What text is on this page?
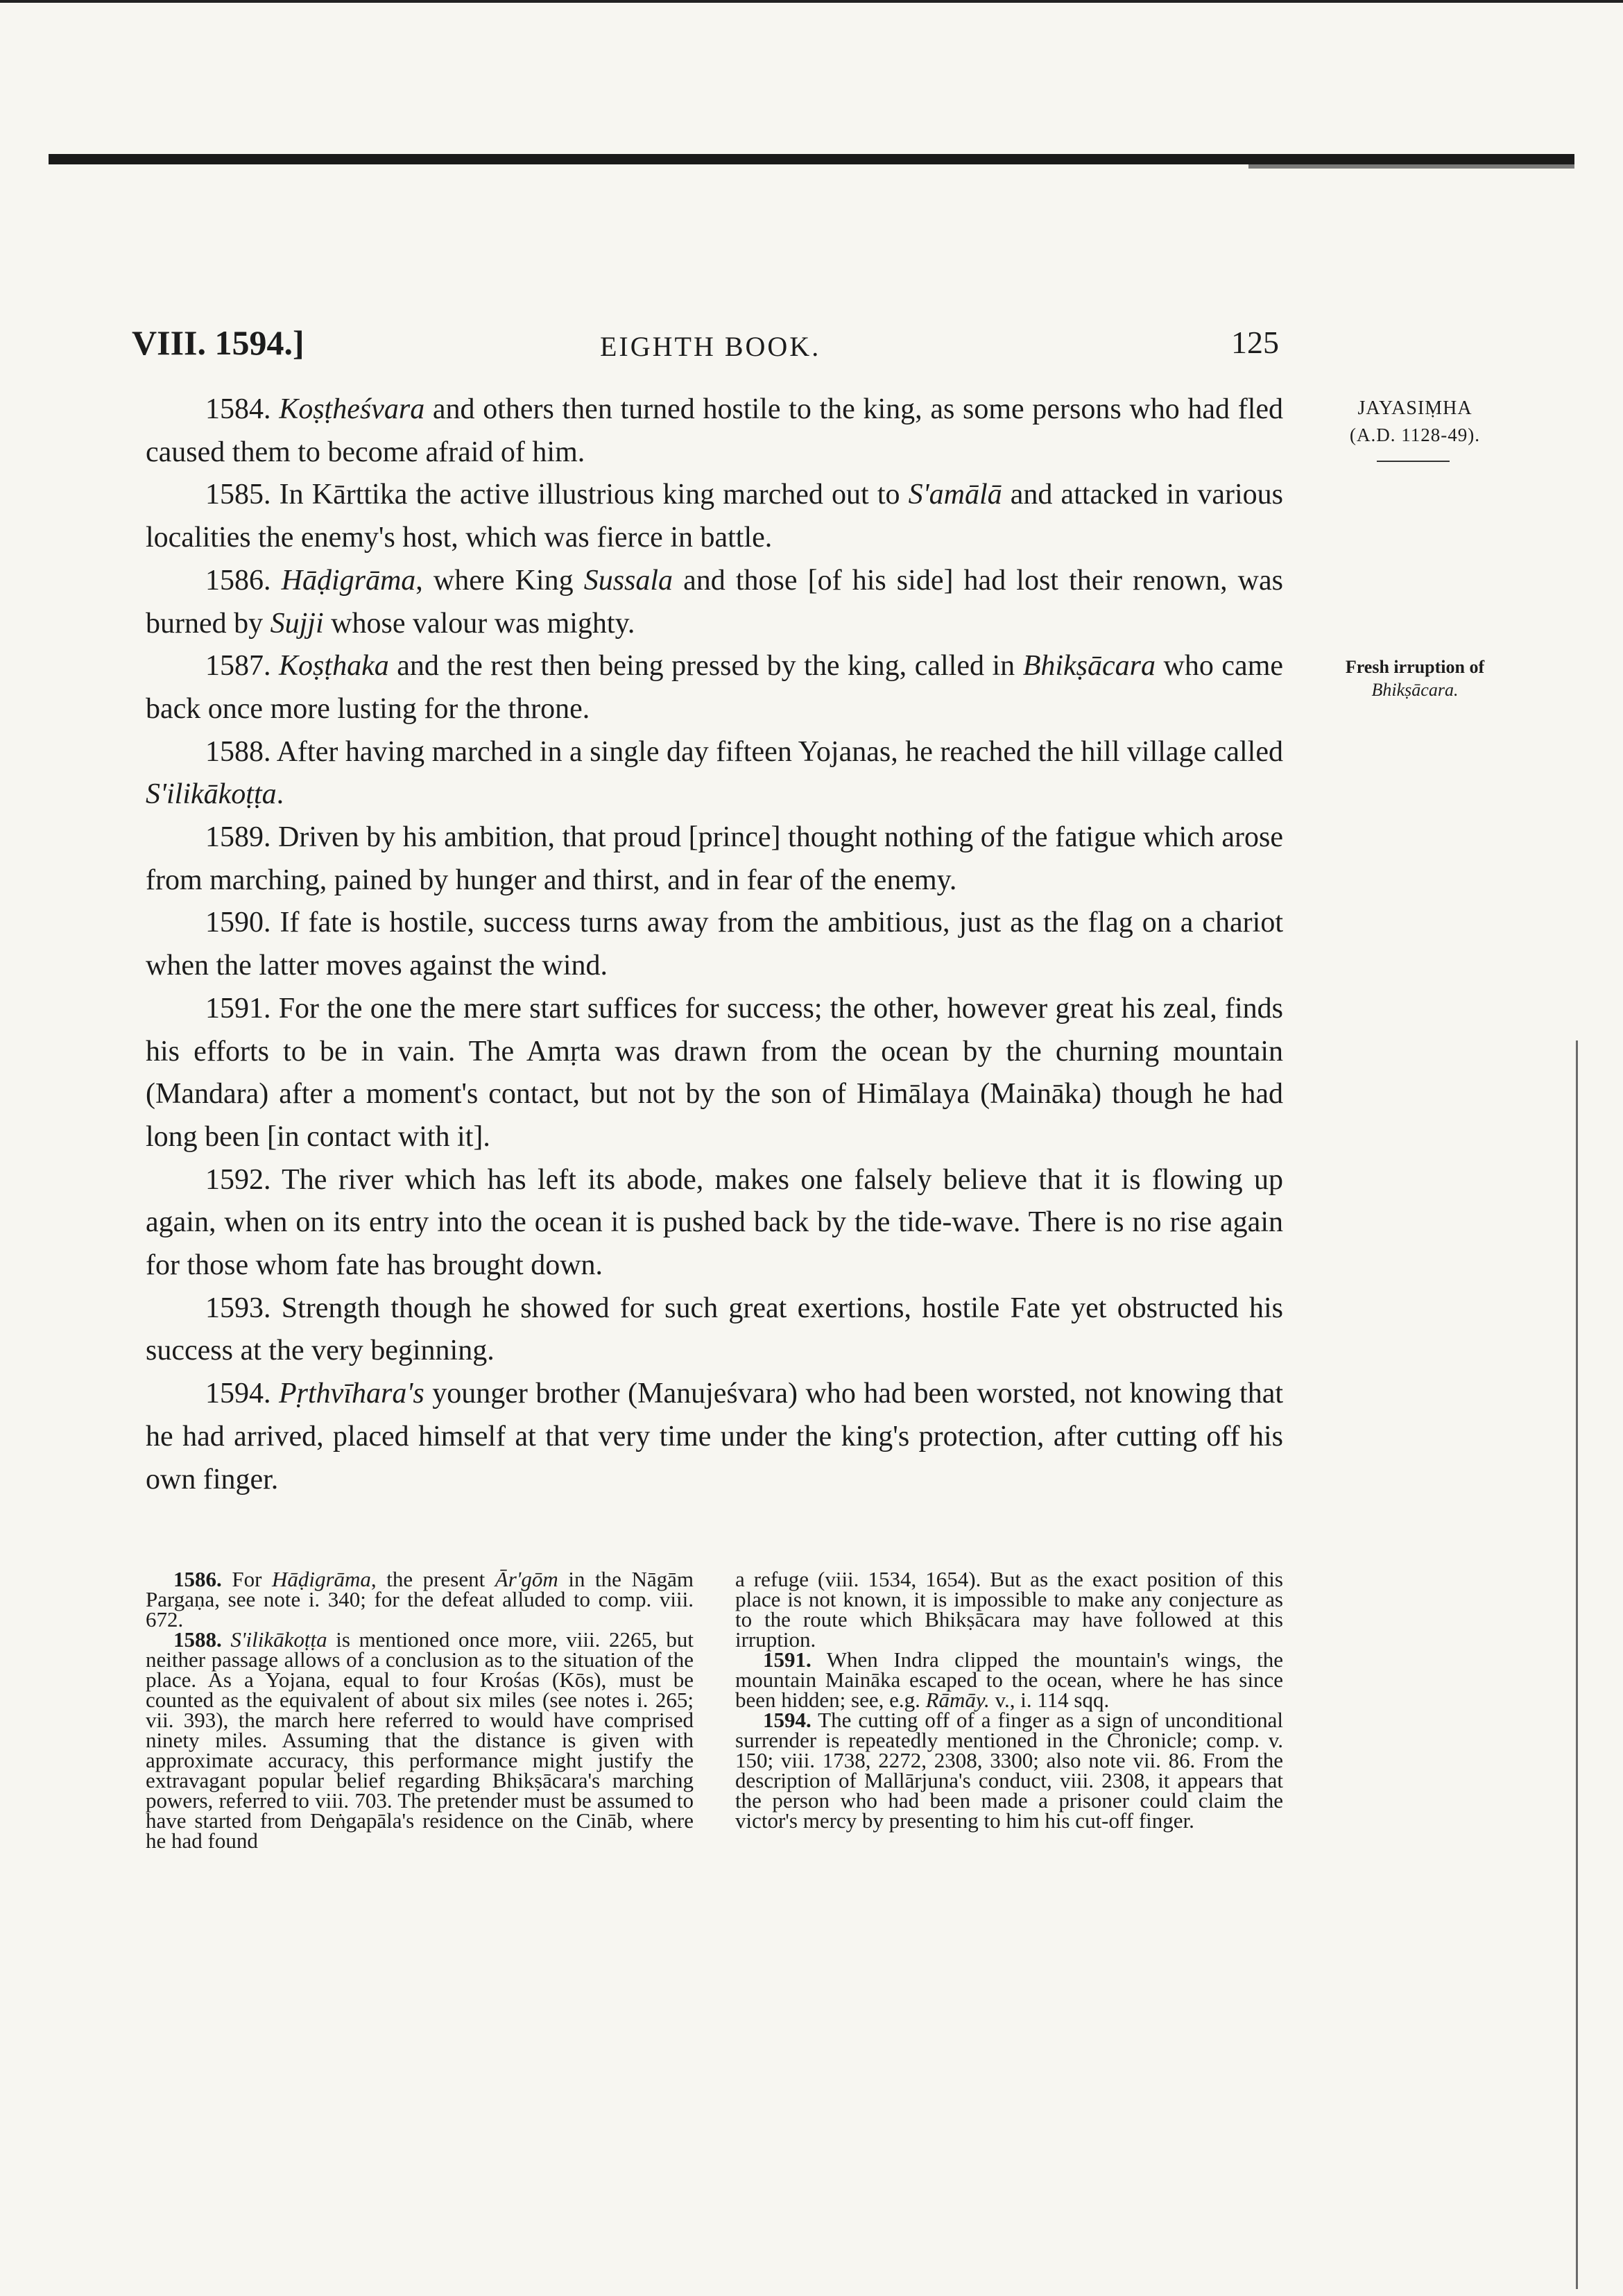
VIII. 1594.]	EIGHTH BOOK.	125
JAYASIṂHA
(A.D. 1128-49).
Fresh irruption of
Bhikṣācara.

1584. Koṣṭheśvara and others then turned hostile to the king, as some persons who had fled caused them to become afraid of him.

1585. In Kārttika the active illustrious king marched out to S'amālā and attacked in various localities the enemy's host, which was fierce in battle.

1586. Hāḍigrāma, where King Sussala and those [of his side] had lost their renown, was burned by Sujji whose valour was mighty.

1587. Koṣṭhaka and the rest then being pressed by the king, called in Bhikṣācara who came back once more lusting for the throne.

1588. After having marched in a single day fifteen Yojanas, he reached the hill village called S'ilikākoṭṭa.

1589. Driven by his ambition, that proud [prince] thought nothing of the fatigue which arose from marching, pained by hunger and thirst, and in fear of the enemy.

1590. If fate is hostile, success turns away from the ambitious, just as the flag on a chariot when the latter moves against the wind.

1591. For the one the mere start suffices for success; the other, however great his zeal, finds his efforts to be in vain. The Amṛta was drawn from the ocean by the churning mountain (Mandara) after a moment's contact, but not by the son of Himālaya (Maināka) though he had long been [in contact with it].

1592. The river which has left its abode, makes one falsely believe that it is flowing up again, when on its entry into the ocean it is pushed back by the tide-wave. There is no rise again for those whom fate has brought down.

1593. Strength though he showed for such great exertions, hostile Fate yet obstructed his success at the very beginning.

1594. Pṛthvīhara's younger brother (Manujeśvara) who had been worsted, not knowing that he had arrived, placed himself at that very time under the king's protection, after cutting off his own finger.

1586. For Hāḍigrāma, the present Ārʹgōm in the Nāgām Pargaṇa, see note i. 340; for the defeat alluded to comp. viii. 672.

1588. S'ilikākoṭṭa is mentioned once more, viii. 2265, but neither passage allows of a conclusion as to the situation of the place. As a Yojana, equal to four Krośas (Kōs), must be counted as the equivalent of about six miles (see notes i. 265; vii. 393), the march here referred to would have comprised ninety miles. Assuming that the distance is given with approximate accuracy, this performance might justify the extravagant popular belief regarding Bhikṣācara's marching powers, referred to viii. 703. The pretender must be assumed to have started from Deṅgapāla's residence on the Cināb, where he had found

a refuge (viii. 1534, 1654). But as the exact position of this place is not known, it is impossible to make any conjecture as to the route which Bhikṣācara may have followed at this irruption.

1591. When Indra clipped the mountain's wings, the mountain Maināka escaped to the ocean, where he has since been hidden; see, e.g. Rāmāy. v., i. 114 sqq.

1594. The cutting off of a finger as a sign of unconditional surrender is repeatedly mentioned in the Chronicle; comp. v. 150; viii. 1738, 2272, 2308, 3300; also note vii. 86. From the description of Mallārjuna's conduct, viii. 2308, it appears that the person who had been made a prisoner could claim the victor's mercy by presenting to him his cut-off finger.
